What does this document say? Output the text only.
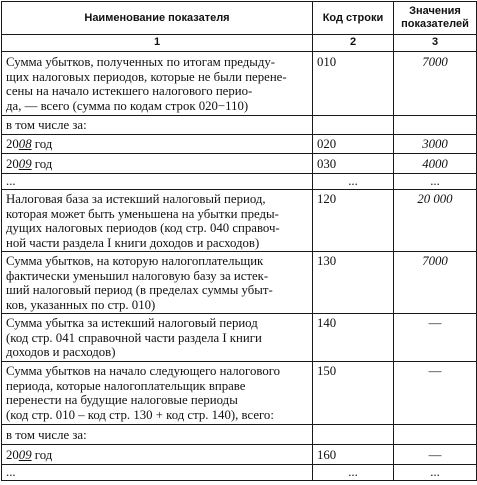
Наименование показателя	Код строки	Значения
показателей
1	2	3
Сумма убытков, полученных по итогам предыду-
щих налоговых периодов, которые не были перене-
сены на начало истекшего налогового перио-
да, — всего (сумма по кодам строк 020−110)	010	7000
в том числе за:		
2008 год	020	3000
2009 год	030	4000
...	...	...
Налоговая база за истекший налоговый период,
которая может быть уменьшена на убытки преды-
дущих налоговых периодов (код стр. 040 справоч-
ной части раздела I книги доходов и расходов)	120	20 000
Сумма убытков, на которую налогоплательщик
фактически уменьшил налоговую базу за истек-
ший налоговый период (в пределах суммы убыт-
ков, указанных по стр. 010)	130	7000
Сумма убытка за истекший налоговый период
(код стр. 041 справочной части раздела I книги
доходов и расходов)	140	—
Сумма убытков на начало следующего налогового
периода, которые налогоплательщик вправе
перенести на будущие налоговые периоды
(код стр. 010 – код стр. 130 + код стр. 140), всего:	150	—
в том числе за:		
2009 год	160	—
...	...	...
